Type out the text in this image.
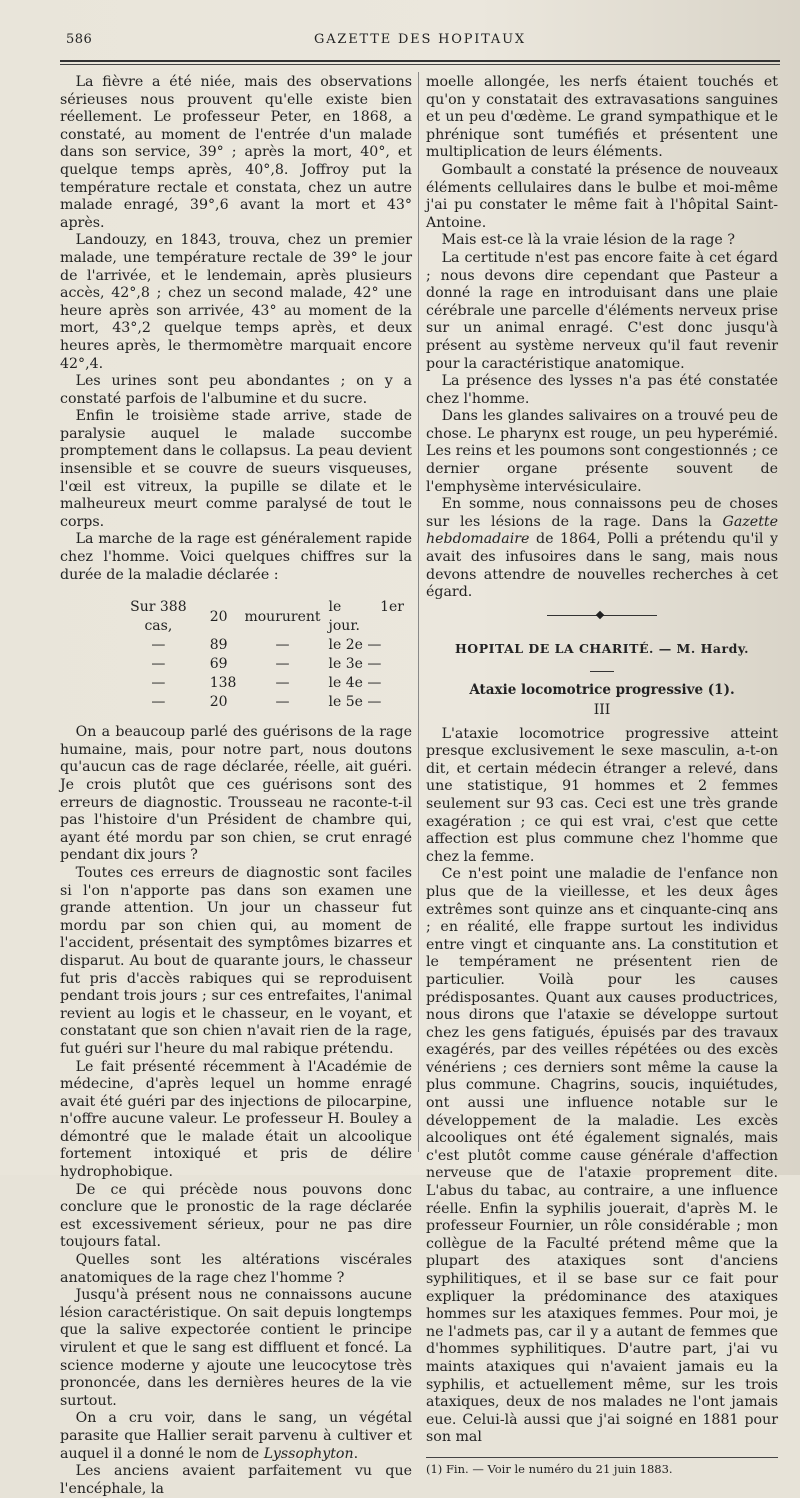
586	GAZETTE DES HOPITAUX

La fièvre a été niée, mais des observations sérieuses nous prouvent qu'elle existe bien réellement. Le professeur Peter, en 1868, a constaté, au moment de l'entrée d'un malade dans son service, 39° ; après la mort, 40°, et quelque temps après, 40°,8. Joffroy put la température rectale et constata, chez un autre malade enragé, 39°,6 avant la mort et 43° après.

Landouzy, en 1843, trouva, chez un premier malade, une température rectale de 39° le jour de l'arrivée, et le lendemain, après plusieurs accès, 42°,8 ; chez un second malade, 42° une heure après son arrivée, 43° au moment de la mort, 43°,2 quelque temps après, et deux heures après, le thermomètre marquait encore 42°,4.

Les urines sont peu abondantes ; on y a constaté parfois de l'albumine et du sucre.

Enfin le troisième stade arrive, stade de paralysie auquel le malade succombe promptement dans le collapsus. La peau devient insensible et se couvre de sueurs visqueuses, l'œil est vitreux, la pupille se dilate et le malheureux meurt comme paralysé de tout le corps.

La marche de la rage est généralement rapide chez l'homme. Voici quelques chiffres sur la durée de la maladie déclarée :

Sur 388 cas,	20	moururent	le 1er jour.
—	89	—	le 2e —
—	69	—	le 3e —
—	138	—	le 4e —
—	20	—	le 5e —

On a beaucoup parlé des guérisons de la rage humaine, mais, pour notre part, nous doutons qu'aucun cas de rage déclarée, réelle, ait guéri. Je crois plutôt que ces guérisons sont des erreurs de diagnostic. Trousseau ne raconte-t-il pas l'histoire d'un Président de chambre qui, ayant été mordu par son chien, se crut enragé pendant dix jours ?

Toutes ces erreurs de diagnostic sont faciles si l'on n'apporte pas dans son examen une grande attention. Un jour un chasseur fut mordu par son chien qui, au moment de l'accident, présentait des symptômes bizarres et disparut. Au bout de quarante jours, le chasseur fut pris d'accès rabiques qui se reproduisent pendant trois jours ; sur ces entrefaites, l'animal revient au logis et le chasseur, en le voyant, et constatant que son chien n'avait rien de la rage, fut guéri sur l'heure du mal rabique prétendu.

Le fait présenté récemment à l'Académie de médecine, d'après lequel un homme enragé avait été guéri par des injections de pilocarpine, n'offre aucune valeur. Le professeur H. Bouley a démontré que le malade était un alcoolique fortement intoxiqué et pris de délire hydrophobique.

De ce qui précède nous pouvons donc conclure que le pronostic de la rage déclarée est excessivement sérieux, pour ne pas dire toujours fatal.

Quelles sont les altérations viscérales anatomiques de la rage chez l'homme ?

Jusqu'à présent nous ne connaissons aucune lésion caractéristique. On sait depuis longtemps que la salive expectorée contient le principe virulent et que le sang est diffluent et foncé. La science moderne y ajoute une leucocytose très prononcée, dans les dernières heures de la vie surtout.

On a cru voir, dans le sang, un végétal parasite que Hallier serait parvenu à cultiver et auquel il a donné le nom de Lyssophyton.

Les anciens avaient parfaitement vu que l'encéphale, la

moelle allongée, les nerfs étaient touchés et qu'on y constatait des extravasations sanguines et un peu d'œdème. Le grand sympathique et le phrénique sont tuméfiés et présentent une multiplication de leurs éléments.

Gombault a constaté la présence de nouveaux éléments cellulaires dans le bulbe et moi-même j'ai pu constater le même fait à l'hôpital Saint-Antoine.

Mais est-ce là la vraie lésion de la rage ?

La certitude n'est pas encore faite à cet égard ; nous devons dire cependant que Pasteur a donné la rage en introduisant dans une plaie cérébrale une parcelle d'éléments nerveux prise sur un animal enragé. C'est donc jusqu'à présent au système nerveux qu'il faut revenir pour la caractéristique anatomique.

La présence des lysses n'a pas été constatée chez l'homme.

Dans les glandes salivaires on a trouvé peu de chose. Le pharynx est rouge, un peu hyperémié. Les reins et les poumons sont congestionnés ; ce dernier organe présente souvent de l'emphysème intervésiculaire.

En somme, nous connaissons peu de choses sur les lésions de la rage. Dans la Gazette hebdomadaire de 1864, Polli a prétendu qu'il y avait des infusoires dans le sang, mais nous devons attendre de nouvelles recherches à cet égard.

HOPITAL DE LA CHARITÉ. — M. Hardy.
Ataxie locomotrice progressive (1).
III

L'ataxie locomotrice progressive atteint presque exclusivement le sexe masculin, a-t-on dit, et certain médecin étranger a relevé, dans une statistique, 91 hommes et 2 femmes seulement sur 93 cas. Ceci est une très grande exagération ; ce qui est vrai, c'est que cette affection est plus commune chez l'homme que chez la femme.

Ce n'est point une maladie de l'enfance non plus que de la vieillesse, et les deux âges extrêmes sont quinze ans et cinquante-cinq ans ; en réalité, elle frappe surtout les individus entre vingt et cinquante ans. La constitution et le tempérament ne présentent rien de particulier. Voilà pour les causes prédisposantes. Quant aux causes productrices, nous dirons que l'ataxie se développe surtout chez les gens fatigués, épuisés par des travaux exagérés, par des veilles répétées ou des excès vénériens ; ces derniers sont même la cause la plus commune. Chagrins, soucis, inquiétudes, ont aussi une influence notable sur le développement de la maladie. Les excès alcooliques ont été également signalés, mais c'est plutôt comme cause générale d'affection nerveuse que de l'ataxie proprement dite. L'abus du tabac, au contraire, a une influence réelle. Enfin la syphilis jouerait, d'après M. le professeur Fournier, un rôle considérable ; mon collègue de la Faculté prétend même que la plupart des ataxiques sont d'anciens syphilitiques, et il se base sur ce fait pour expliquer la prédominance des ataxiques hommes sur les ataxiques femmes. Pour moi, je ne l'admets pas, car il y a autant de femmes que d'hommes syphilitiques. D'autre part, j'ai vu maints ataxiques qui n'avaient jamais eu la syphilis, et actuellement même, sur les trois ataxiques, deux de nos malades ne l'ont jamais eue. Celui-là aussi que j'ai soigné en 1881 pour son mal

(1) Fin. — Voir le numéro du 21 juin 1883.
